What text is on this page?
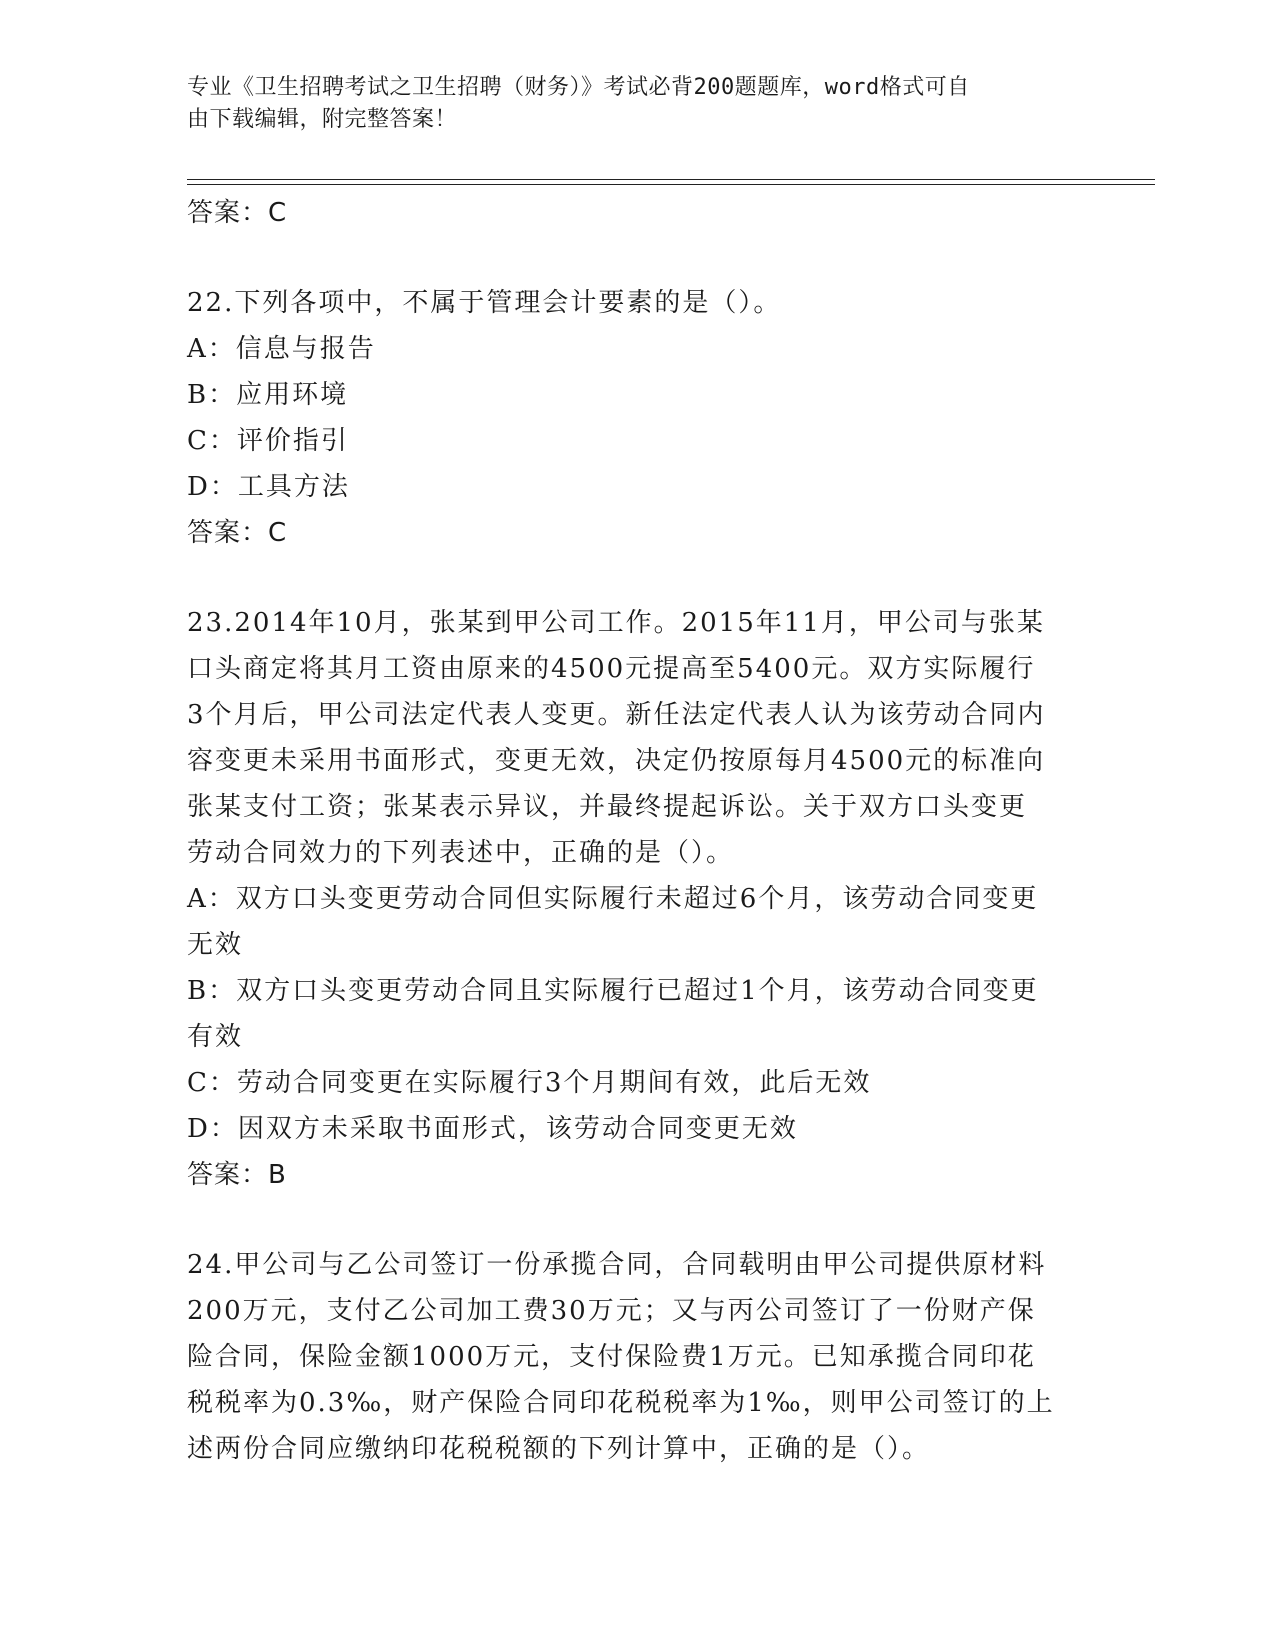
专业《卫生招聘考试之卫生招聘（财务）》考试必背200题题库，word格式可自
由下载编辑，附完整答案！
答案：C
22.下列各项中，不属于管理会计要素的是（）。
A：信息与报告
B：应用环境
C：评价指引
D：工具方法
答案：C
23.2014年10月，张某到甲公司工作。2015年11月，甲公司与张某
口头商定将其月工资由原来的4500元提高至5400元。双方实际履行
3个月后，甲公司法定代表人变更。新任法定代表人认为该劳动合同内
容变更未采用书面形式，变更无效，决定仍按原每月4500元的标准向
张某支付工资；张某表示异议，并最终提起诉讼。关于双方口头变更
劳动合同效力的下列表述中，正确的是（）。
A：双方口头变更劳动合同但实际履行未超过6个月，该劳动合同变更
无效
B：双方口头变更劳动合同且实际履行已超过1个月，该劳动合同变更
有效
C：劳动合同变更在实际履行3个月期间有效，此后无效
D：因双方未采取书面形式，该劳动合同变更无效
答案：B
24.甲公司与乙公司签订一份承揽合同，合同载明由甲公司提供原材料
200万元，支付乙公司加工费30万元；又与丙公司签订了一份财产保
险合同，保险金额1000万元，支付保险费1万元。已知承揽合同印花
税税率为0.3‰，财产保险合同印花税税率为1‰，则甲公司签订的上
述两份合同应缴纳印花税税额的下列计算中，正确的是（）。
